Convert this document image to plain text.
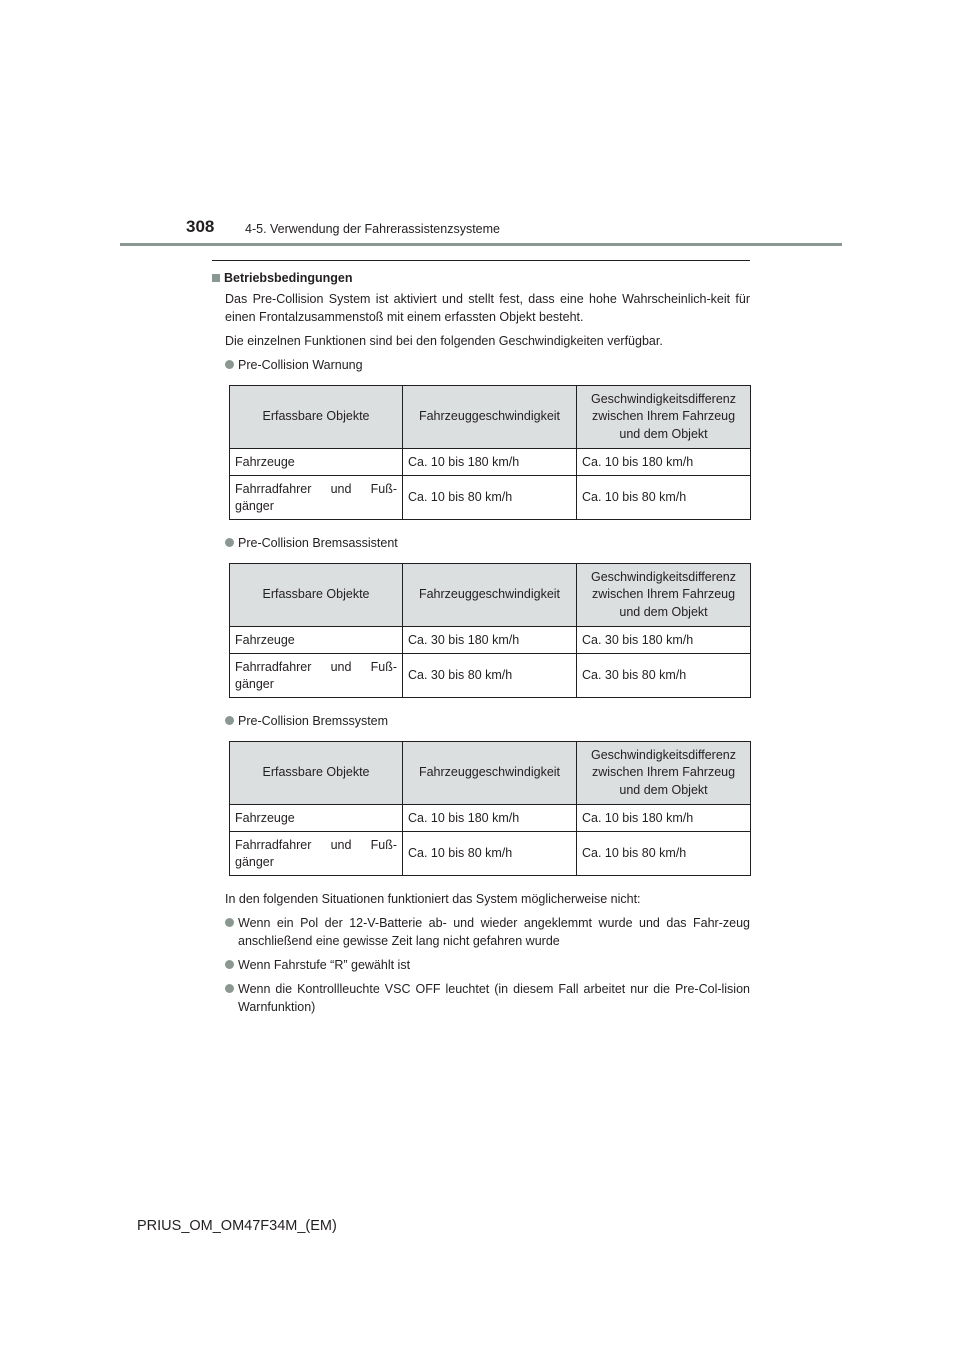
308 4-5. Verwendung der Fahrerassistenzsysteme

Betriebsbedingungen

Das Pre-Collision System ist aktiviert und stellt fest, dass eine hohe Wahrscheinlich-keit für einen Frontalzusammenstoß mit einem erfassten Objekt besteht.

Die einzelnen Funktionen sind bei den folgenden Geschwindigkeiten verfügbar.

Pre-Collision Warnung
Erfassbare Objekte	Fahrzeuggeschwindigkeit	Geschwindigkeitsdifferenz zwischen Ihrem Fahrzeug und dem Objekt
Fahrzeuge	Ca. 10 bis 180 km/h	Ca. 10 bis 180 km/h

Fahrradfahrer und Fuß-
gänger	Ca. 10 bis 80 km/h	Ca. 10 bis 80 km/h
Pre-Collision Bremsassistent
Erfassbare Objekte	Fahrzeuggeschwindigkeit	Geschwindigkeitsdifferenz zwischen Ihrem Fahrzeug und dem Objekt
Fahrzeuge	Ca. 30 bis 180 km/h	Ca. 30 bis 180 km/h

Fahrradfahrer und Fuß-
gänger	Ca. 30 bis 80 km/h	Ca. 30 bis 80 km/h
Pre-Collision Bremssystem
Erfassbare Objekte	Fahrzeuggeschwindigkeit	Geschwindigkeitsdifferenz zwischen Ihrem Fahrzeug und dem Objekt
Fahrzeuge	Ca. 10 bis 180 km/h	Ca. 10 bis 180 km/h

Fahrradfahrer und Fuß-
gänger	Ca. 10 bis 80 km/h	Ca. 10 bis 80 km/h

In den folgenden Situationen funktioniert das System möglicherweise nicht:

Wenn ein Pol der 12-V-Batterie ab- und wieder angeklemmt wurde und das Fahr-zeug anschließend eine gewisse Zeit lang nicht gefahren wurde
Wenn Fahrstufe “R” gewählt ist
Wenn die Kontrollleuchte VSC OFF leuchtet (in diesem Fall arbeitet nur die Pre-Col-lision Warnfunktion)
PRIUS_OM_OM47F34M_(EM)
